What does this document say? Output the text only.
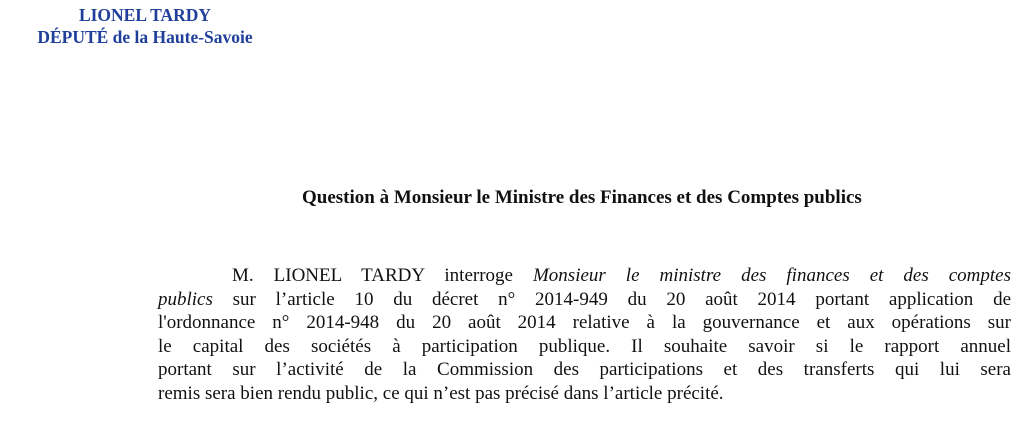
LIONEL TARDY
DÉPUTÉ de la Haute-Savoie
Question à Monsieur le Ministre des Finances et des Comptes publics
M. LIONEL TARDY interroge Monsieur le ministre des finances et des comptes
publics sur l’article 10 du décret n° 2014-949 du 20 août 2014 portant application de
l'ordonnance n° 2014-948 du 20 août 2014 relative à la gouvernance et aux opérations sur
le capital des sociétés à participation publique. Il souhaite savoir si le rapport annuel
portant sur l’activité de la Commission des participations et des transferts qui lui sera
remis sera bien rendu public, ce qui n’est pas précisé dans l’article précité.
